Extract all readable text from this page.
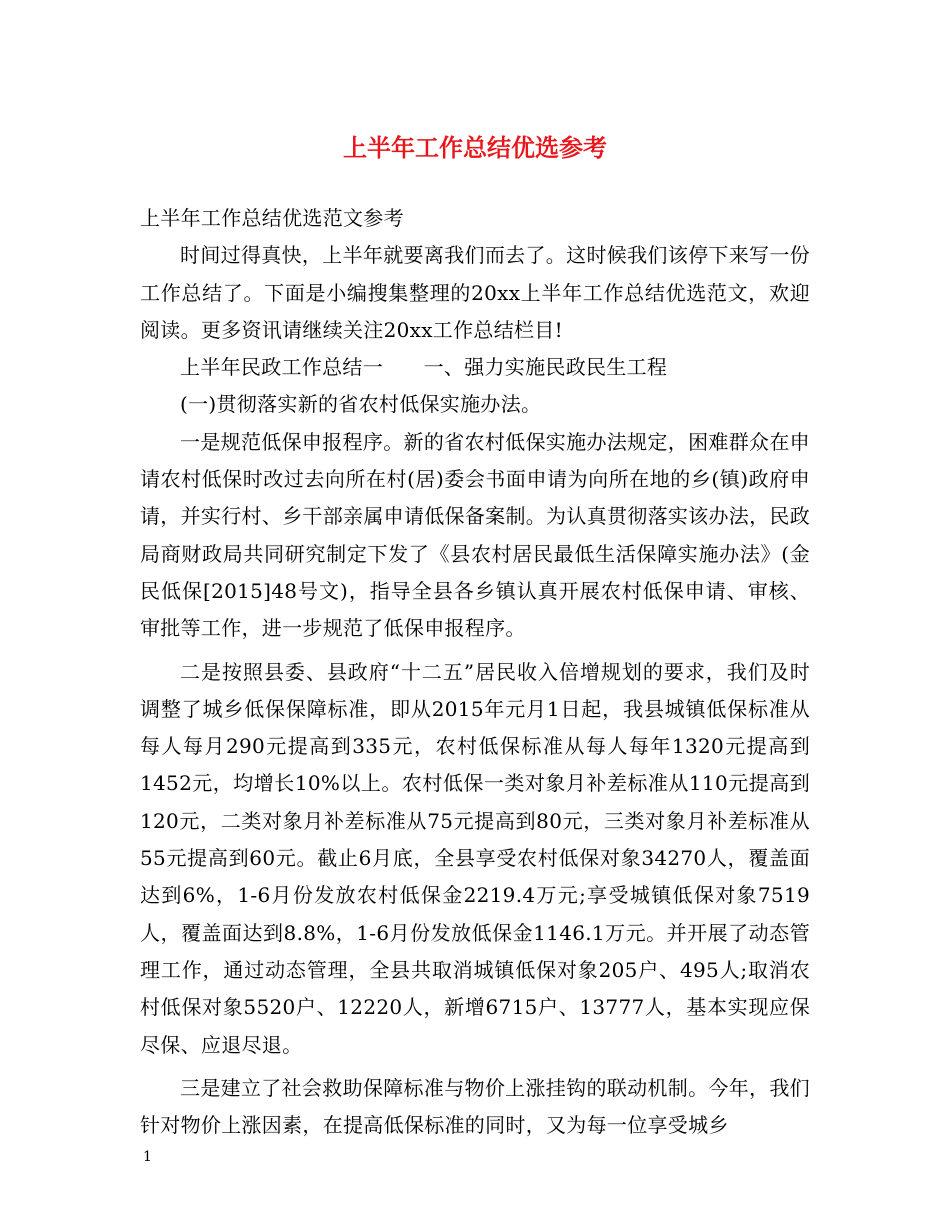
上半年工作总结优选参考

上半年工作总结优选范文参考

时间过得真快，上半年就要离我们而去了。这时候我们该停下来写一份工作总结了。下面是小编搜集整理的20xx上半年工作总结优选范文，欢迎阅读。更多资讯请继续关注20xx工作总结栏目!

上半年民政工作总结一　　一、强力实施民政民生工程

(一)贯彻落实新的省农村低保实施办法。

一是规范低保申报程序。新的省农村低保实施办法规定，困难群众在申请农村低保时改过去向所在村(居)委会书面申请为向所在地的乡(镇)政府申请，并实行村、乡干部亲属申请低保备案制。为认真贯彻落实该办法，民政局商财政局共同研究制定下发了《县农村居民最低生活保障实施办法》(金民低保[2015]48号文)，指导全县各乡镇认真开展农村低保申请、审核、审批等工作，进一步规范了低保申报程序。

二是按照县委、县政府“十二五”居民收入倍增规划的要求，我们及时调整了城乡低保保障标准，即从2015年元月1日起，我县城镇低保标准从每人每月290元提高到335元，农村低保标准从每人每年1320元提高到1452元，均增长10%以上。农村低保一类对象月补差标准从110元提高到120元，二类对象月补差标准从75元提高到80元，三类对象月补差标准从55元提高到60元。截止6月底，全县享受农村低保对象34270人，覆盖面达到6%，1-6月份发放农村低保金2219.4万元;享受城镇低保对象7519人，覆盖面达到8.8%，1-6月份发放低保金1146.1万元。并开展了动态管理工作，通过动态管理，全县共取消城镇低保对象205户、495人;取消农村低保对象5520户、12220人，新增6715户、13777人，基本实现应保尽保、应退尽退。

三是建立了社会救助保障标准与物价上涨挂钩的联动机制。今年，我们针对物价上涨因素，在提高低保标准的同时，又为每一位享受城乡

1
